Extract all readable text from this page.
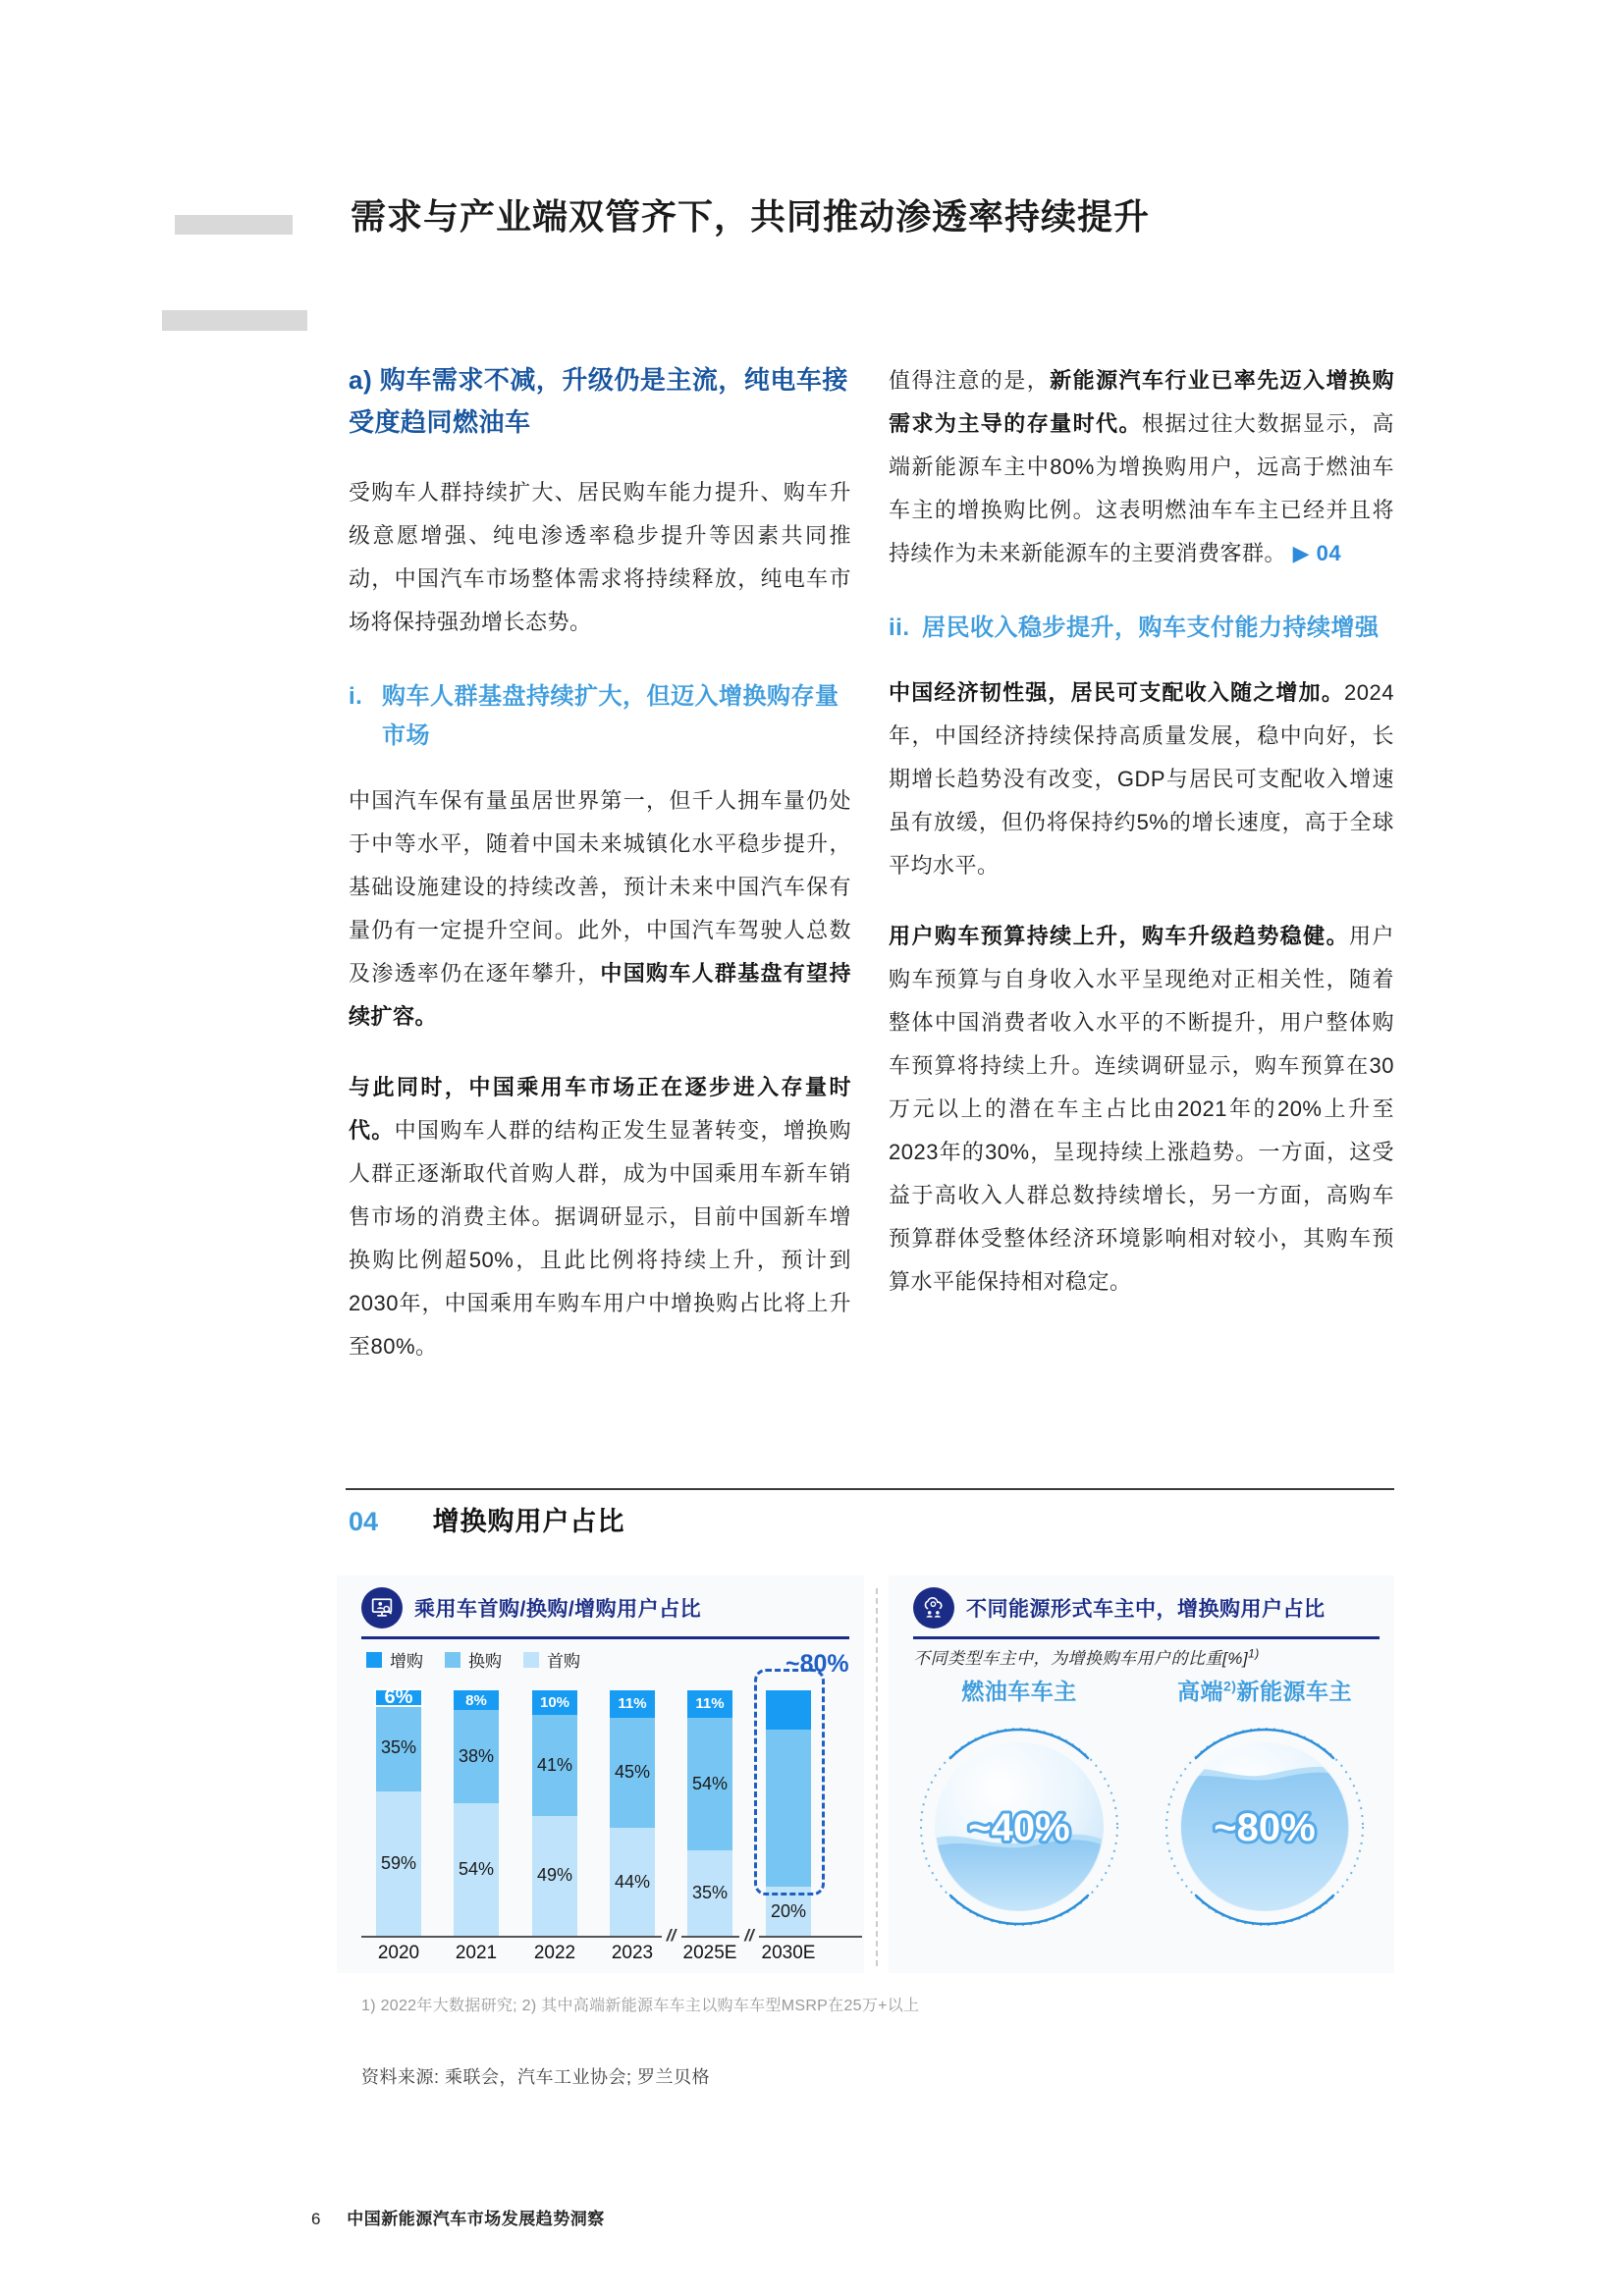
需求与产业端双管齐下，共同推动渗透率持续提升
a) 购车需求不减，升级仍是主流，纯电车接受度趋同燃油车

受购车人群持续扩大、居民购车能力提升、购车升级意愿增强、纯电渗透率稳步提升等因素共同推动，中国汽车市场整体需求将持续释放，纯电车市场将保持强劲增长态势。

i. 购车人群基盘持续扩大，但迈入增换购存量市场

中国汽车保有量虽居世界第一，但千人拥车量仍处于中等水平，随着中国未来城镇化水平稳步提升，基础设施建设的持续改善，预计未来中国汽车保有量仍有一定提升空间。此外，中国汽车驾驶人总数及渗透率仍在逐年攀升，中国购车人群基盘有望持续扩容。

与此同时，中国乘用车市场正在逐步进入存量时代。中国购车人群的结构正发生显著转变，增换购人群正逐渐取代首购人群，成为中国乘用车新车销售市场的消费主体。据调研显示，目前中国新车增换购比例超50%，且此比例将持续上升，预计到2030年，中国乘用车购车用户中增换购占比将上升至80%。

值得注意的是，新能源汽车行业已率先迈入增换购需求为主导的存量时代。根据过往大数据显示，高端新能源车主中80%为增换购用户，远高于燃油车车主的增换购比例。这表明燃油车车主已经并且将持续作为未来新能源车的主要消费客群。 ▶ 04

ii. 居民收入稳步提升，购车支付能力持续增强

中国经济韧性强，居民可支配收入随之增加。2024年，中国经济持续保持高质量发展，稳中向好，长期增长趋势没有改变，GDP与居民可支配收入增速虽有放缓，但仍将保持约5%的增长速度，高于全球平均水平。

用户购车预算持续上升，购车升级趋势稳健。用户购车预算与自身收入水平呈现绝对正相关性，随着整体中国消费者收入水平的不断提升，用户整体购车预算将持续上升。连续调研显示，购车预算在30万元以上的潜在车主占比由2021年的20%上升至2023年的30%，呈现持续上涨趋势。一方面，这受益于高收入人群总数持续增长，另一方面，高购车预算群体受整体经济环境影响相对较小，其购车预算水平能保持相对稳定。

04 增换购用户占比
6%
35%
59%
2020
8%
38%
54%
2021
10%
41%
49%
2022
11%
45%
44%
2023
11%
54%
35%
2025E
20%
2030E
~80%
//	//
乘用车首购/换购/增购用户占比
增购	换购	首购
不同能源形式车主中，增换购用户占比
不同类型车主中，为增换购车用户的比重[%]$^{1)}$
燃油车车主
~40%
高端$^{2)}$新能源车主
~80%
1) 2022年大数据研究; 2) 其中高端新能源车车主以购车车型MSRP在25万+以上
资料来源: 乘联会，汽车工业协会; 罗兰贝格
6 中国新能源汽车市场发展趋势洞察
